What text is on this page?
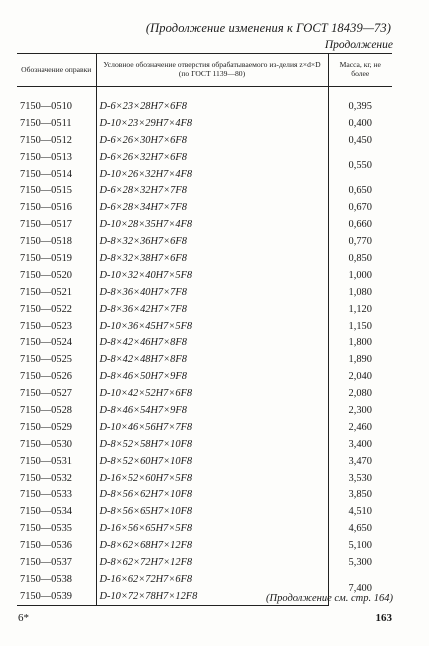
(Продолжение изменения к ГОСТ 18439—73)
Продолжение
Обозначение оправки	Условное обозначение отверстия обрабатываемого из-делия z×d×D (по ГОСТ 1139—80)	Масса, кг, не более
7150—0510	D-6×23×28H7×6F8	0,395
7150—0511	D-10×23×29H7×4F8	0,400
7150—0512	D-6×26×30H7×6F8	0,450
7150—0513	D-6×26×32H7×6F8	0,550
7150—0514	D-10×26×32H7×4F8	
7150—0515	D-6×28×32H7×7F8	0,650
7150—0516	D-6×28×34H7×7F8	0,670
7150—0517	D-10×28×35H7×4F8	0,660
7150—0518	D-8×32×36H7×6F8	0,770
7150—0519	D-8×32×38H7×6F8	0,850
7150—0520	D-10×32×40H7×5F8	1,000
7150—0521	D-8×36×40H7×7F8	1,080
7150—0522	D-8×36×42H7×7F8	1,120
7150—0523	D-10×36×45H7×5F8	1,150
7150—0524	D-8×42×46H7×8F8	1,800
7150—0525	D-8×42×48H7×8F8	1,890
7150—0526	D-8×46×50H7×9F8	2,040
7150—0527	D-10×42×52H7×6F8	2,080
7150—0528	D-8×46×54H7×9F8	2,300
7150—0529	D-10×46×56H7×7F8	2,460
7150—0530	D-8×52×58H7×10F8	3,400
7150—0531	D-8×52×60H7×10F8	3,470
7150—0532	D-16×52×60H7×5F8	3,530
7150—0533	D-8×56×62H7×10F8	3,850
7150—0534	D-8×56×65H7×10F8	4,510
7150—0535	D-16×56×65H7×5F8	4,650
7150—0536	D-8×62×68H7×12F8	5,100
7150—0537	D-8×62×72H7×12F8	5,300
7150—0538	D-16×62×72H7×6F8	7,400
7150—0539	D-10×72×78H7×12F8		(Продолжение см. стр. 164)
6*	163
